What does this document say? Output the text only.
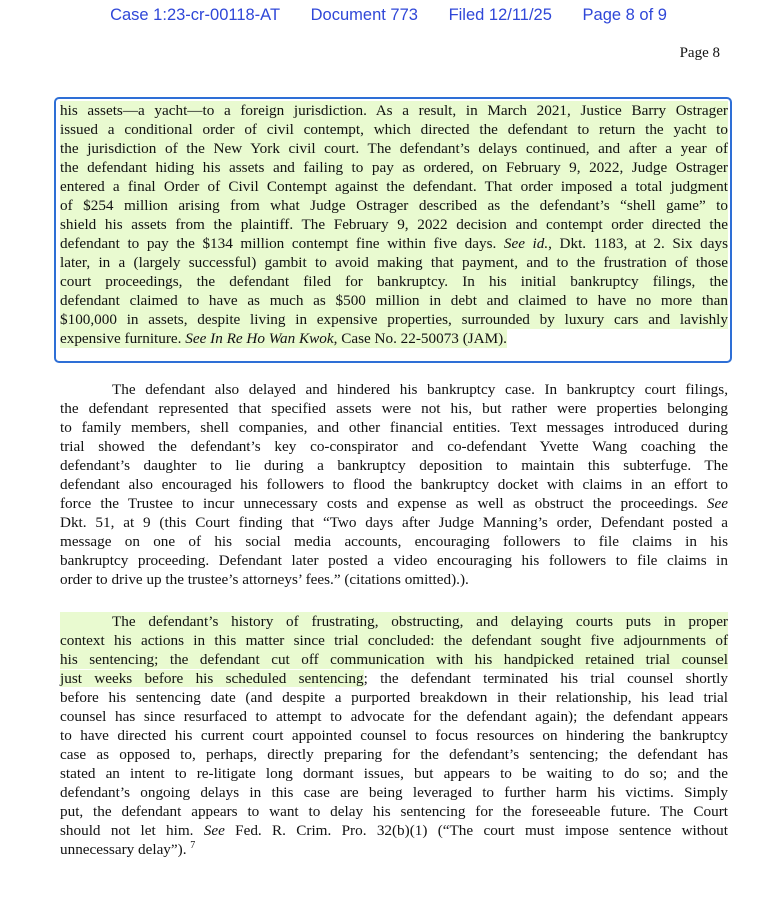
Case 1:23-cr-00118-AT Document 773 Filed 12/11/25 Page 8 of 9
Page 8
his assets—a yacht—to a foreign jurisdiction. As a result, in March 2021, Justice Barry Ostrager
issued a conditional order of civil contempt, which directed the defendant to return the yacht to
the jurisdiction of the New York civil court. The defendant’s delays continued, and after a year of
the defendant hiding his assets and failing to pay as ordered, on February 9, 2022, Judge Ostrager
entered a final Order of Civil Contempt against the defendant. That order imposed a total judgment
of $254 million arising from what Judge Ostrager described as the defendant’s “shell game” to
shield his assets from the plaintiff. The February 9, 2022 decision and contempt order directed the
defendant to pay the $134 million contempt fine within five days. See id., Dkt. 1183, at 2. Six days
later, in a (largely successful) gambit to avoid making that payment, and to the frustration of those
court proceedings, the defendant filed for bankruptcy. In his initial bankruptcy filings, the
defendant claimed to have as much as $500 million in debt and claimed to have no more than
$100,000 in assets, despite living in expensive properties, surrounded by luxury cars and lavishly
expensive furniture. See In Re Ho Wan Kwok, Case No. 22-50073 (JAM).
The defendant also delayed and hindered his bankruptcy case. In bankruptcy court filings,
the defendant represented that specified assets were not his, but rather were properties belonging
to family members, shell companies, and other financial entities. Text messages introduced during
trial showed the defendant’s key co-conspirator and co-defendant Yvette Wang coaching the
defendant’s daughter to lie during a bankruptcy deposition to maintain this subterfuge. The
defendant also encouraged his followers to flood the bankruptcy docket with claims in an effort to
force the Trustee to incur unnecessary costs and expense as well as obstruct the proceedings. See
Dkt. 51, at 9 (this Court finding that “Two days after Judge Manning’s order, Defendant posted a
message on one of his social media accounts, encouraging followers to file claims in his
bankruptcy proceeding. Defendant later posted a video encouraging his followers to file claims in
order to drive up the trustee’s attorneys’ fees.” (citations omitted).).
The defendant’s history of frustrating, obstructing, and delaying courts puts in proper
context his actions in this matter since trial concluded: the defendant sought five adjournments of
his sentencing; the defendant cut off communication with his handpicked retained trial counsel
just weeks before his scheduled sentencing; the defendant terminated his trial counsel shortly
before his sentencing date (and despite a purported breakdown in their relationship, his lead trial
counsel has since resurfaced to attempt to advocate for the defendant again); the defendant appears
to have directed his current court appointed counsel to focus resources on hindering the bankruptcy
case as opposed to, perhaps, directly preparing for the defendant’s sentencing; the defendant has
stated an intent to re-litigate long dormant issues, but appears to be waiting to do so; and the
defendant’s ongoing delays in this case are being leveraged to further harm his victims. Simply
put, the defendant appears to want to delay his sentencing for the foreseeable future. The Court
should not let him. See Fed. R. Crim. Pro. 32(b)(1) (“The court must impose sentence without
unnecessary delay”). $^7$
